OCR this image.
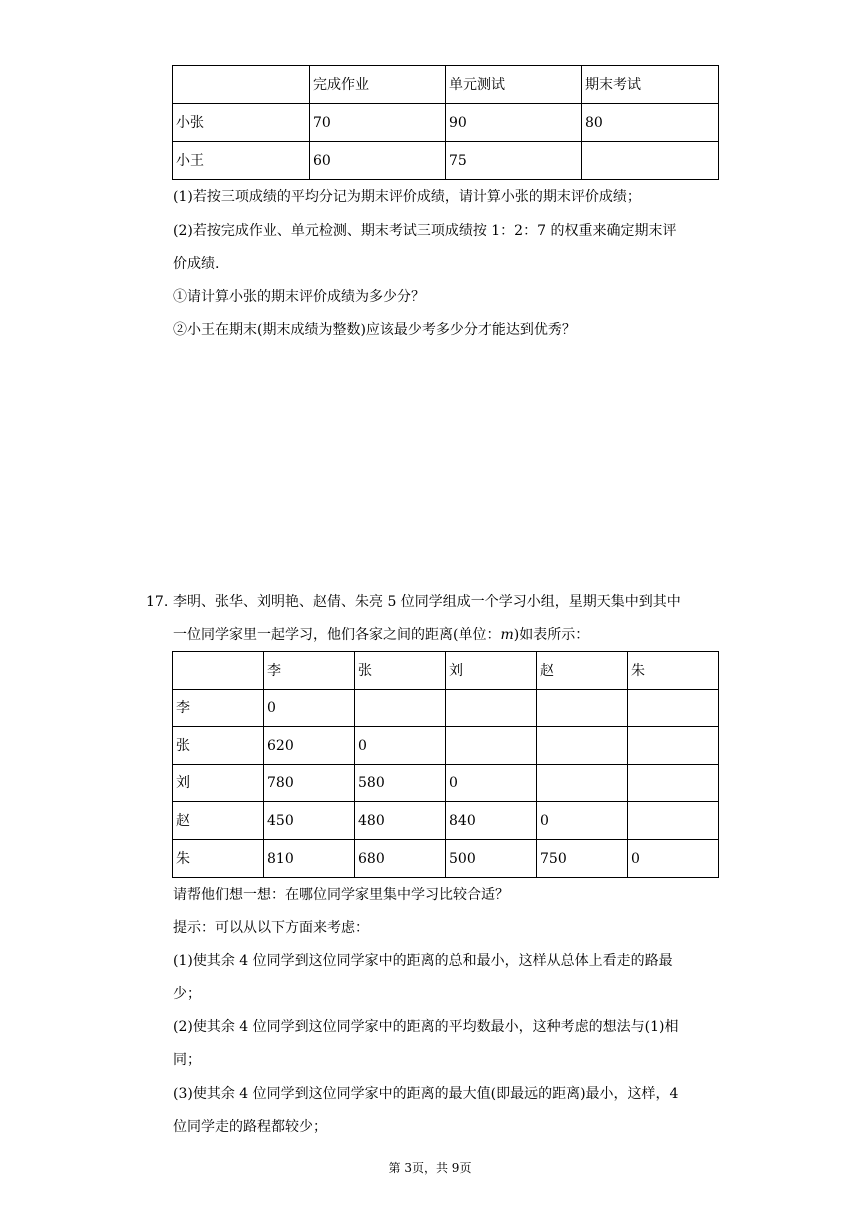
	完成作业	单元测试	期末考试
小张	70	90	80
小王	60	75	
(1)若按三项成绩的平均分记为期末评价成绩，请计算小张的期末评价成绩；
(2)若按完成作业、单元检测、期末考试三项成绩按 1：2：7 的权重来确定期末评
价成绩.
①请计算小张的期末评价成绩为多少分？
②小王在期末(期末成绩为整数)应该最少考多少分才能达到优秀？
17. 李明、张华、刘明艳、赵倩、朱亮 5 位同学组成一个学习小组，星期天集中到其中
一位同学家里一起学习，他们各家之间的距离(单位：m)如表所示：
	李	张	刘	赵	朱
李	0				
张	620	0			
刘	780	580	0		
赵	450	480	840	0	
朱	810	680	500	750	0
请帮他们想一想：在哪位同学家里集中学习比较合适？
提示：可以从以下方面来考虑：
(1)使其余 4 位同学到这位同学家中的距离的总和最小，这样从总体上看走的路最
少；
(2)使其余 4 位同学到这位同学家中的距离的平均数最小，这种考虑的想法与(1)相
同；
(3)使其余 4 位同学到这位同学家中的距离的最大值(即最远的距离)最小，这样，4
位同学走的路程都较少；
第 3页，共 9页
